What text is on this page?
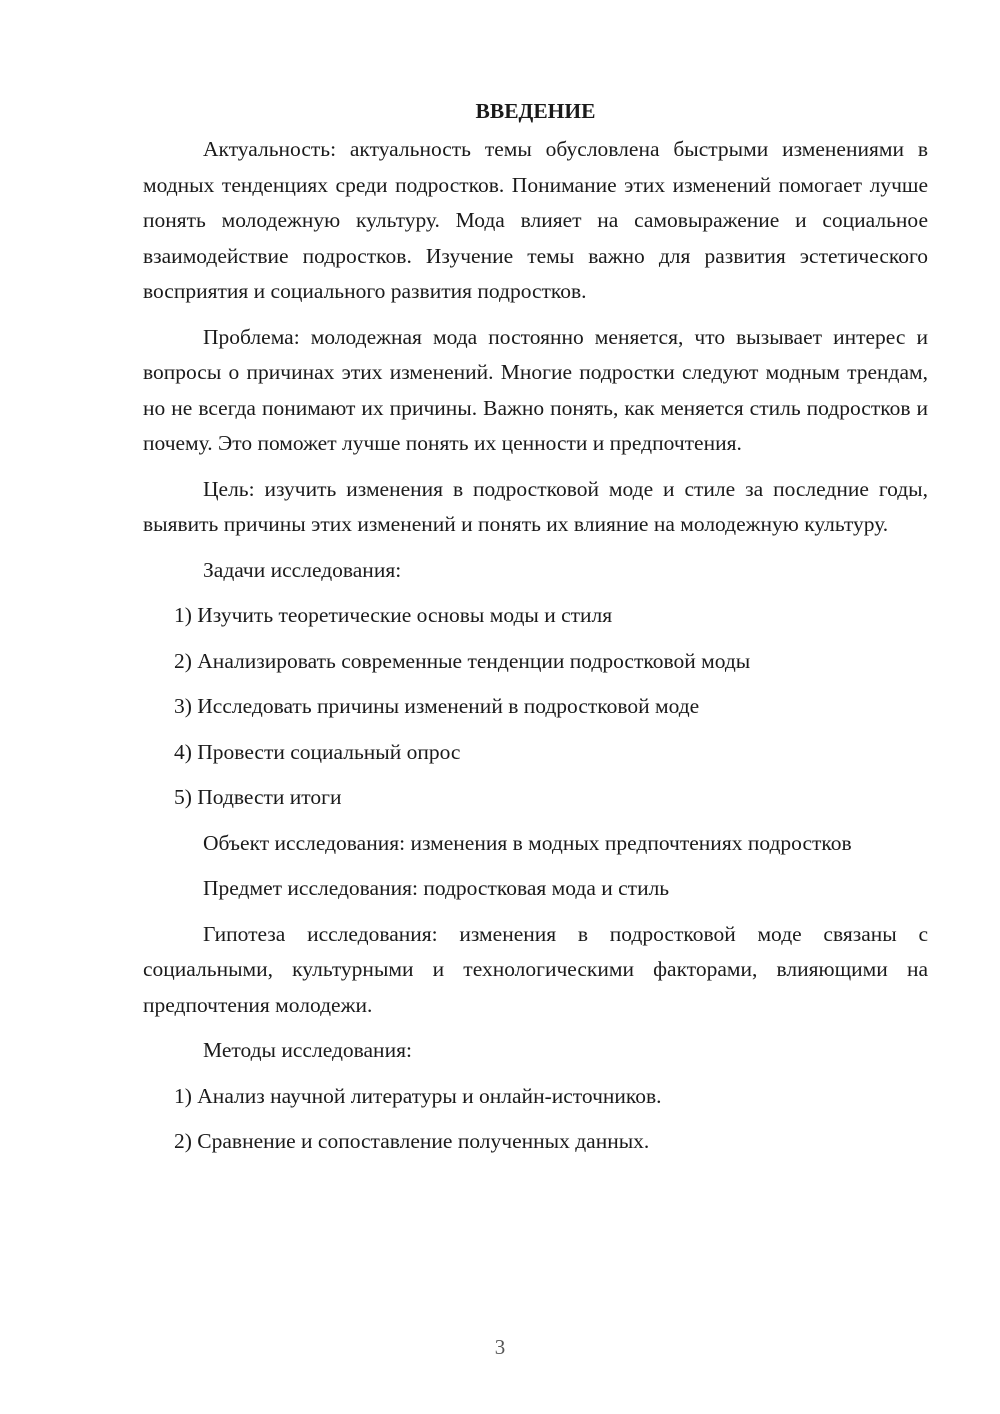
ВВЕДЕНИЕ

Актуальность: актуальность темы обусловлена быстрыми изменениями в модных тенденциях среди подростков. Понимание этих изменений помогает лучше понять молодежную культуру. Мода влияет на самовыражение и социальное взаимодействие подростков. Изучение темы важно для развития эстетического восприятия и социального развития подростков.

Проблема: молодежная мода постоянно меняется, что вызывает интерес и вопросы о причинах этих изменений. Многие подростки следуют модным трендам, но не всегда понимают их причины. Важно понять, как меняется стиль подростков и почему. Это поможет лучше понять их ценности и предпочтения.

Цель: изучить изменения в подростковой моде и стиле за последние годы, выявить причины этих изменений и понять их влияние на молодежную культуру.

Задачи исследования:
1) Изучить теоретические основы моды и стиля
2) Анализировать современные тенденции подростковой моды
3) Исследовать причины изменений в подростковой моде
4) Провести социальный опрос
5) Подвести итоги

Объект исследования: изменения в модных предпочтениях подростков

Предмет исследования: подростковая мода и стиль

Гипотеза исследования: изменения в подростковой моде связаны с социальными, культурными и технологическими факторами, влияющими на предпочтения молодежи.

Методы исследования:
1) Анализ научной литературы и онлайн-источников.
2) Сравнение и сопоставление полученных данных.
3
